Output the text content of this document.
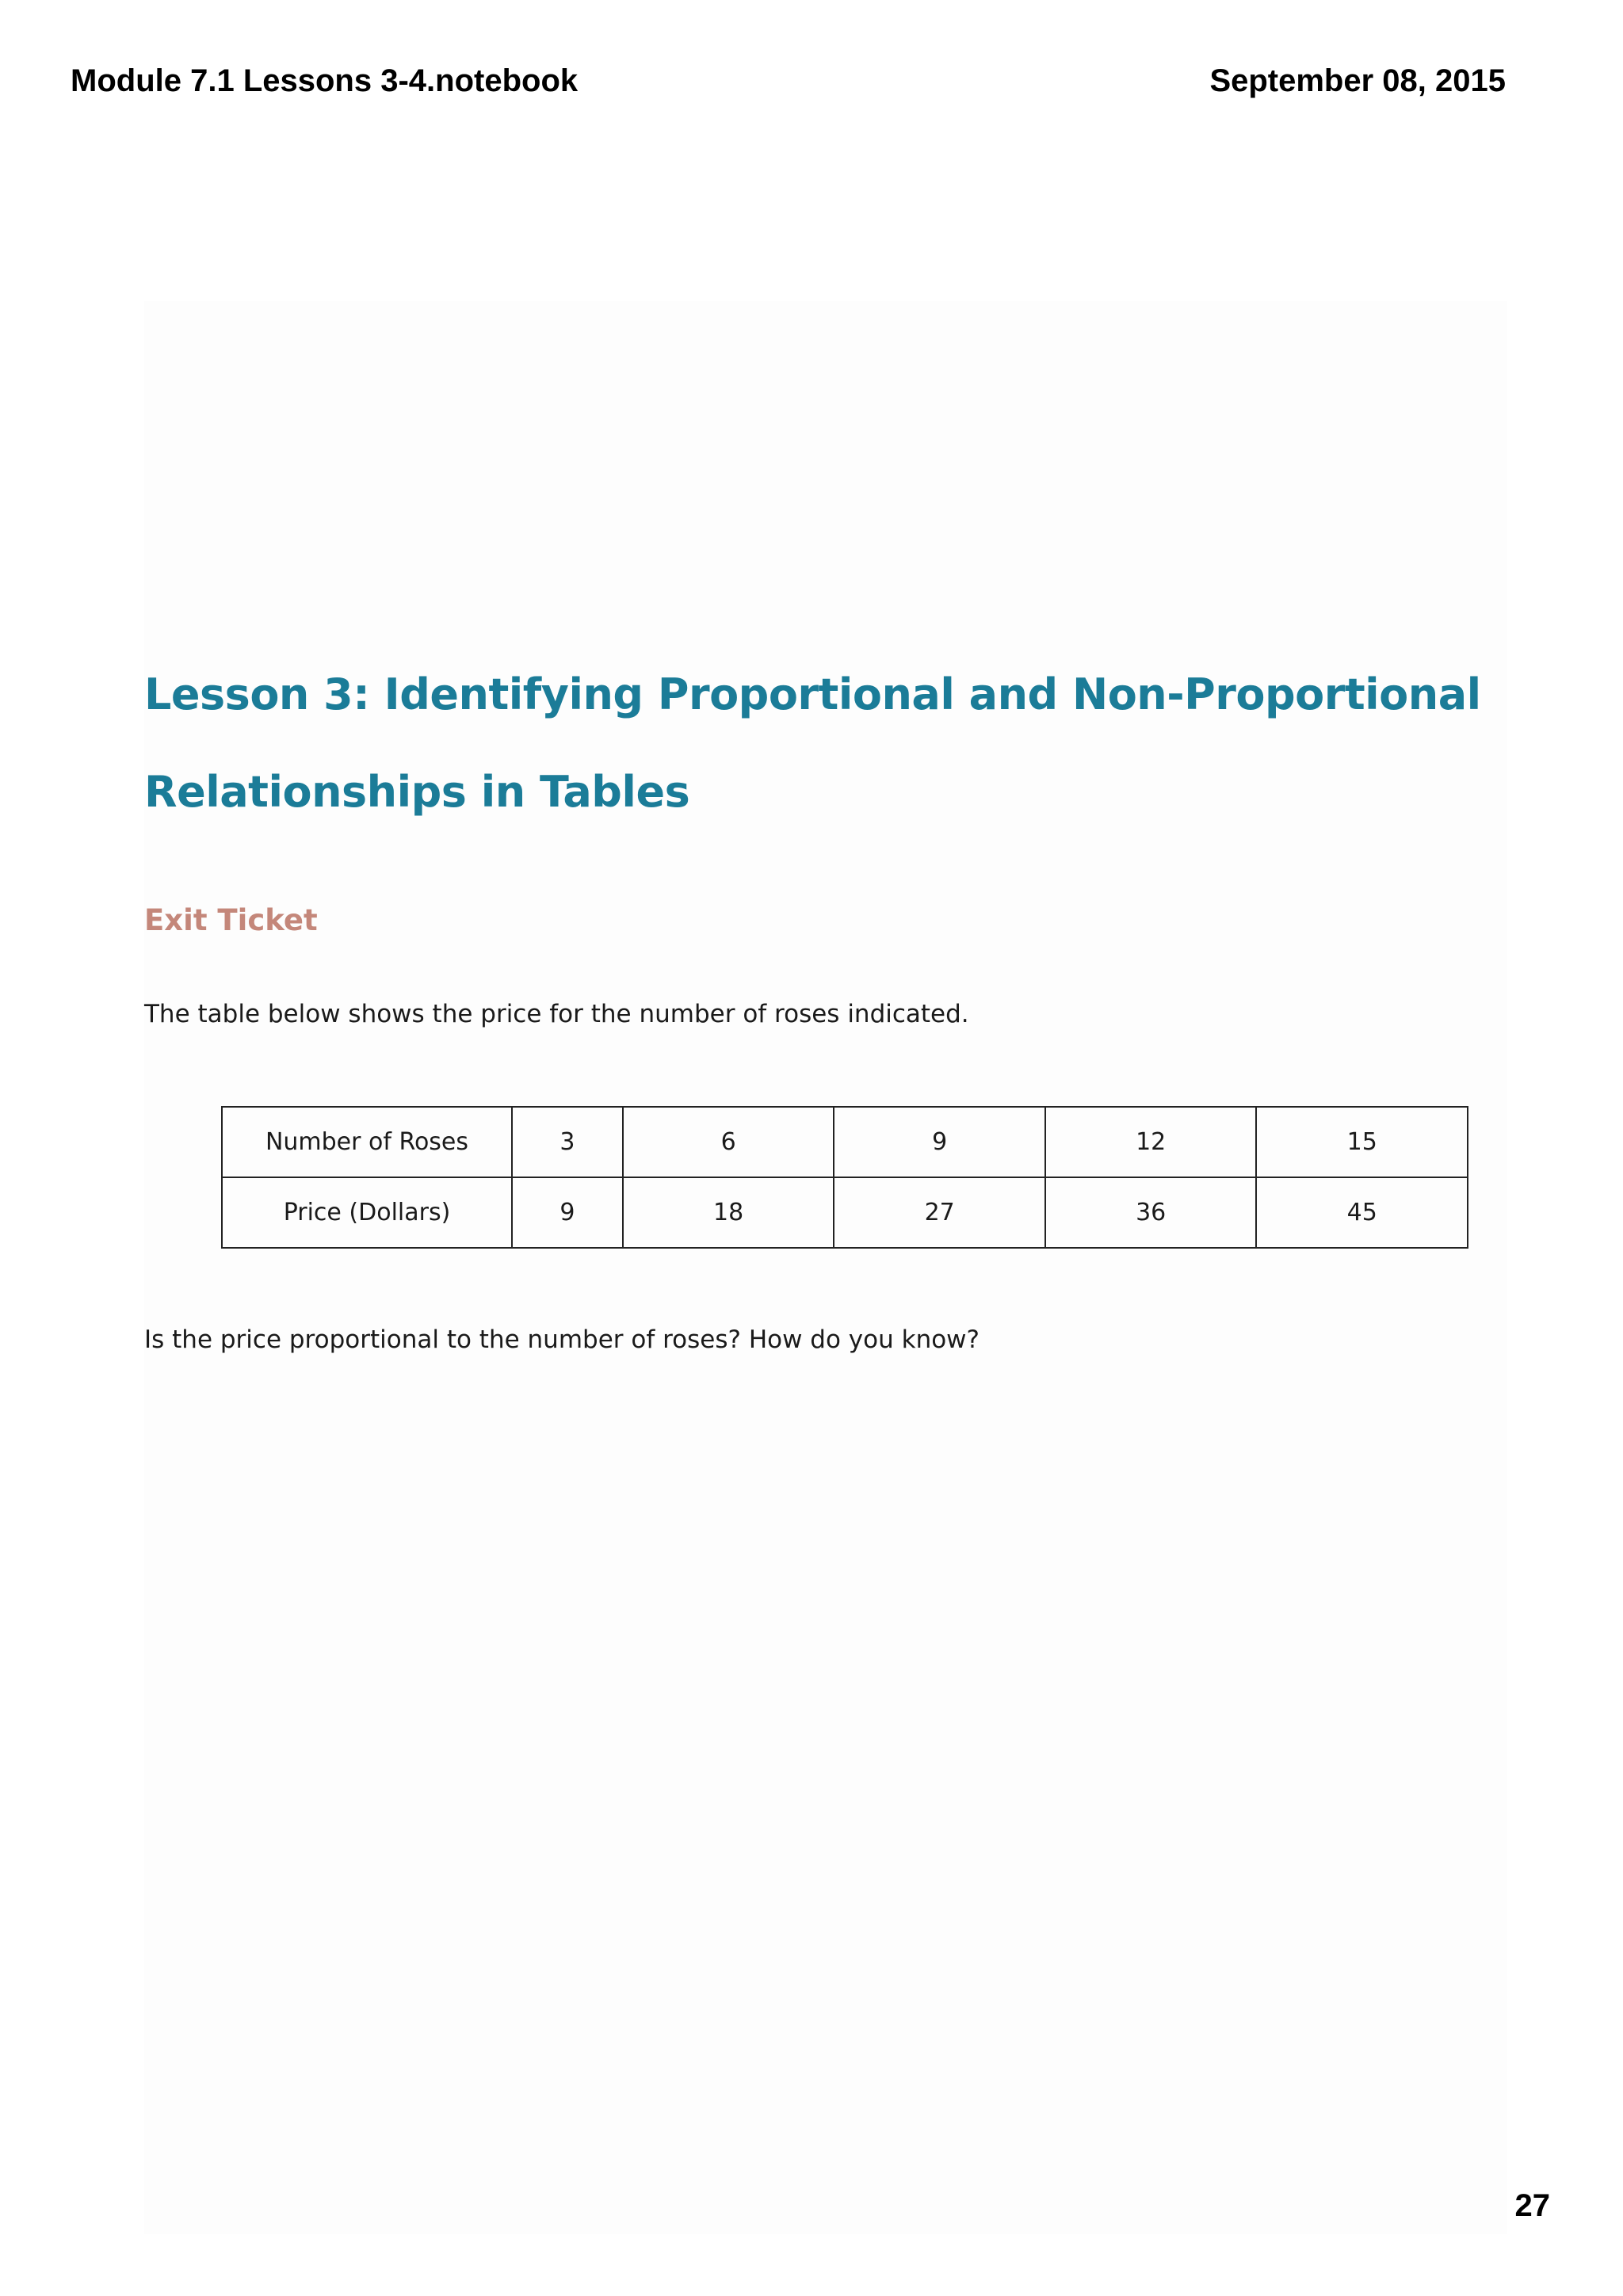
Module 7.1 Lessons 3-4.notebook	September 08, 2015

Lesson 3: Identifying Proportional and Non-Proportional
Relationships in Tables
Exit Ticket

The table below shows the price for the number of roses indicated.

Number of Roses	3	6	9	12	15
Price (Dollars)	9	18	27	36	45

Is the price proportional to the number of roses? How do you know?

27
